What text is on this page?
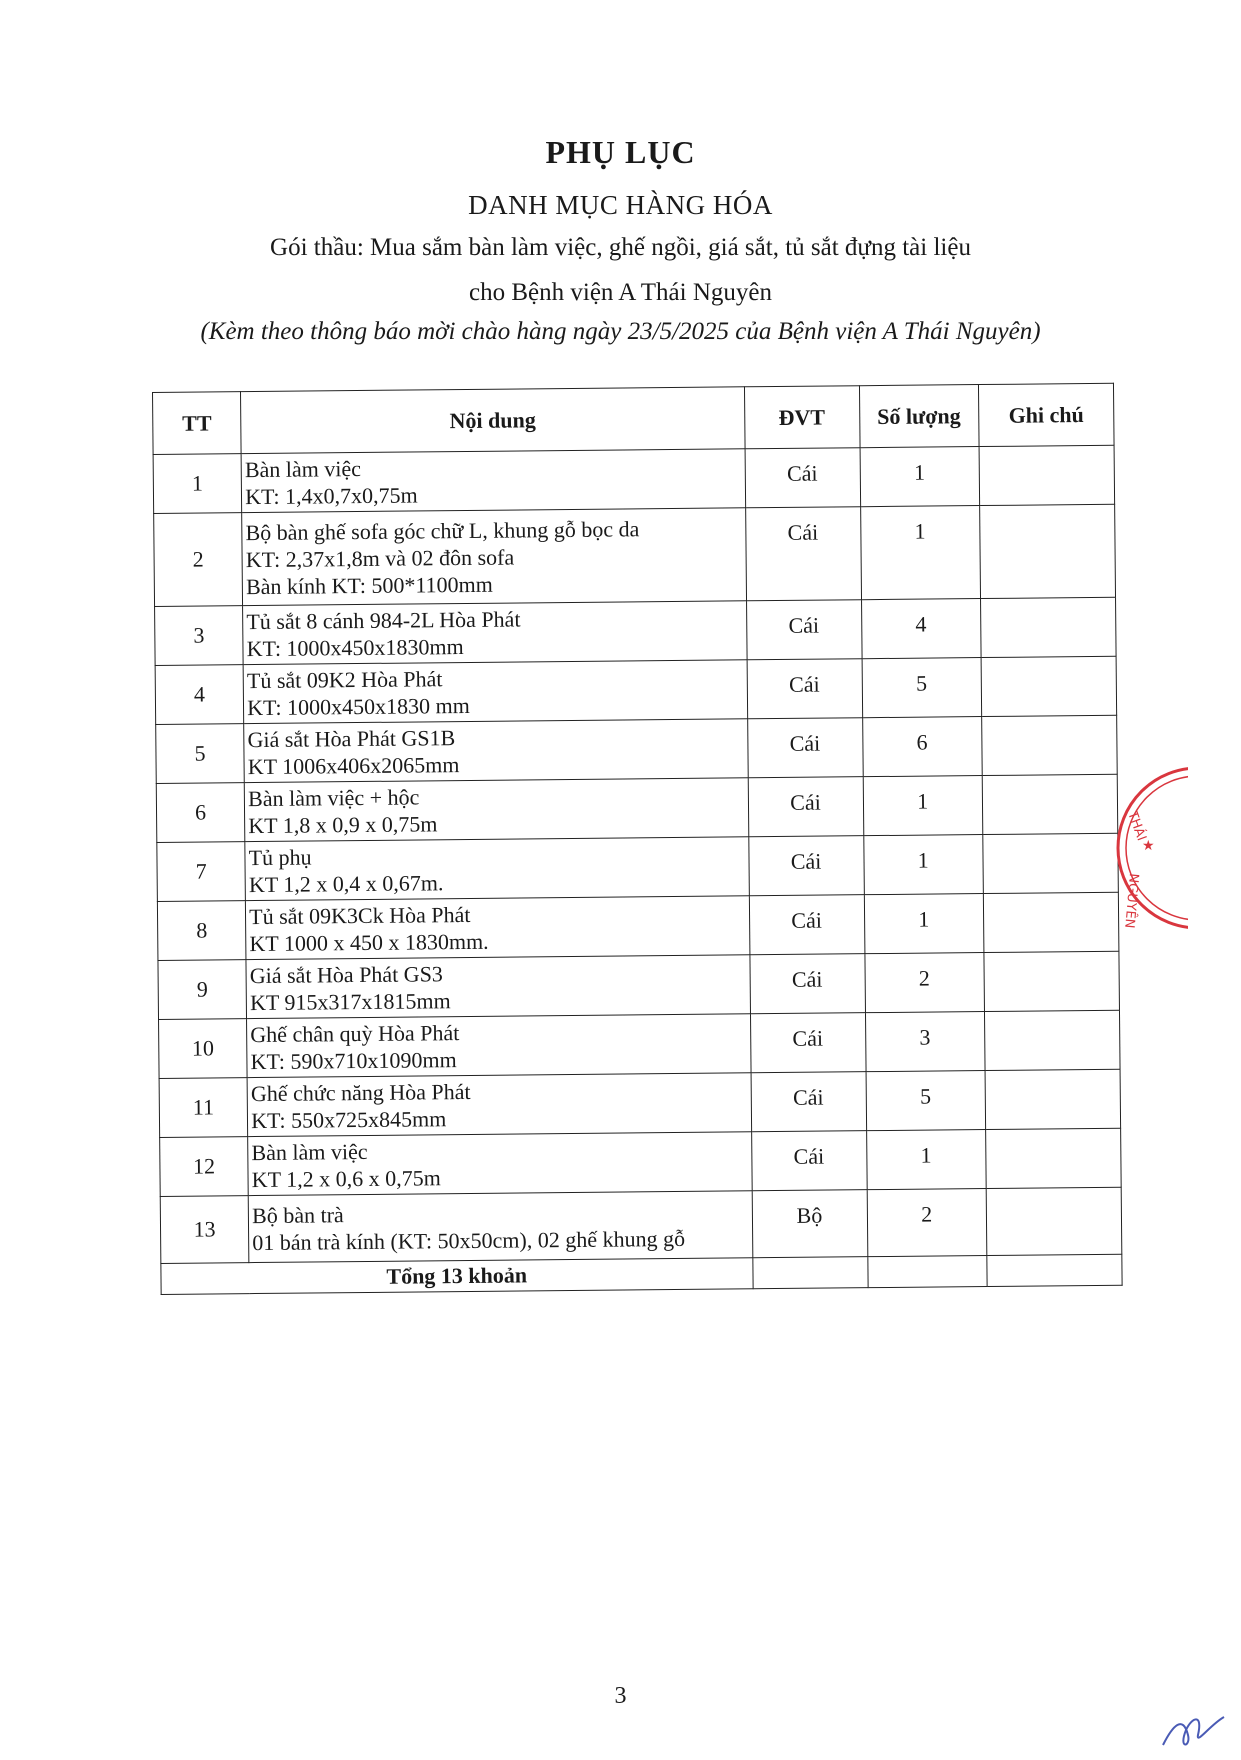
PHỤ LỤC
DANH MỤC HÀNG HÓA
Gói thầu: Mua sắm bàn làm việc, ghế ngồi, giá sắt, tủ sắt đựng tài liệu
cho Bệnh viện A Thái Nguyên
(Kèm theo thông báo mời chào hàng ngày 23/5/2025 của Bệnh viện A Thái Nguyên)
TT	Nội dung	ĐVT	Số lượng	Ghi chú
1	Bàn làm việc
KT: 1,4x0,7x0,75m	Cái	1	
2	Bộ bàn ghế sofa góc chữ L, khung gỗ bọc da
KT: 2,37x1,8m và 02 đôn sofa
Bàn kính KT: 500*1100mm	Cái	1	
3	Tủ sắt 8 cánh 984-2L Hòa Phát
KT: 1000x450x1830mm	Cái	4	
4	Tủ sắt 09K2 Hòa Phát
KT: 1000x450x1830 mm	Cái	5	
5	Giá sắt Hòa Phát GS1B
KT 1006x406x2065mm	Cái	6	
6	Bàn làm việc + hộc
KT 1,8 x 0,9 x 0,75m	Cái	1	
7	Tủ phụ
KT 1,2 x 0,4 x 0,67m.	Cái	1	
8	Tủ sắt 09K3Ck Hòa Phát
KT 1000 x 450 x 1830mm.	Cái	1	
9	Giá sắt Hòa Phát GS3
KT 915x317x1815mm	Cái	2	
10	Ghế chân quỳ Hòa Phát
KT: 590x710x1090mm	Cái	3	
11	Ghế chức năng Hòa Phát
KT: 550x725x845mm	Cái	5	
12	Bàn làm việc
KT 1,2 x 0,6 x 0,75m	Cái	1	
13	Bộ bàn trà
01 bán trà kính (KT: 50x50cm), 02 ghế khung gỗ	Bộ	2	
Tổng 13 khoản				
THÁI
NGUYÊN
★
3
